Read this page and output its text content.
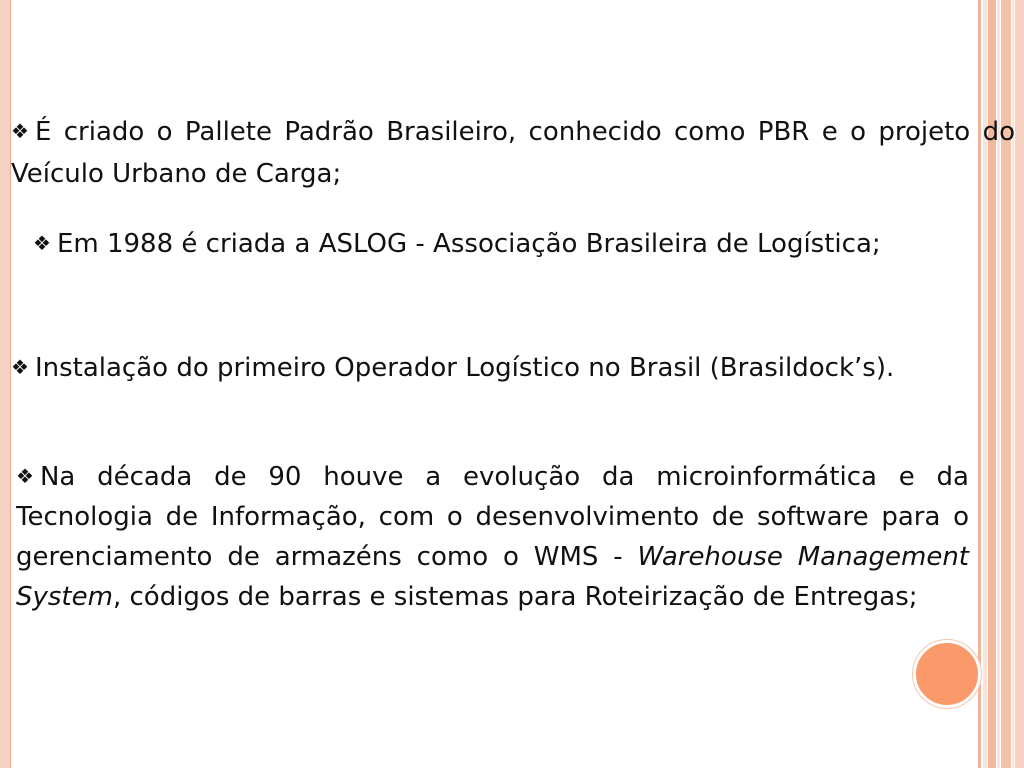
❖ É criado o Pallete Padrão Brasileiro, conhecido como PBR e o projeto do Veículo Urbano de Carga;

❖ Em 1988 é criada a ASLOG - Associação Brasileira de Logística;

❖ Instalação do primeiro Operador Logístico no Brasil (Brasildock’s).

❖ Na década de 90 houve a evolução da microinformática e da Tecnologia de Informação, com o desenvolvimento de software para o gerenciamento de armazéns como o WMS - Warehouse Management System, códigos de barras e sistemas para Roteirização de Entregas;
